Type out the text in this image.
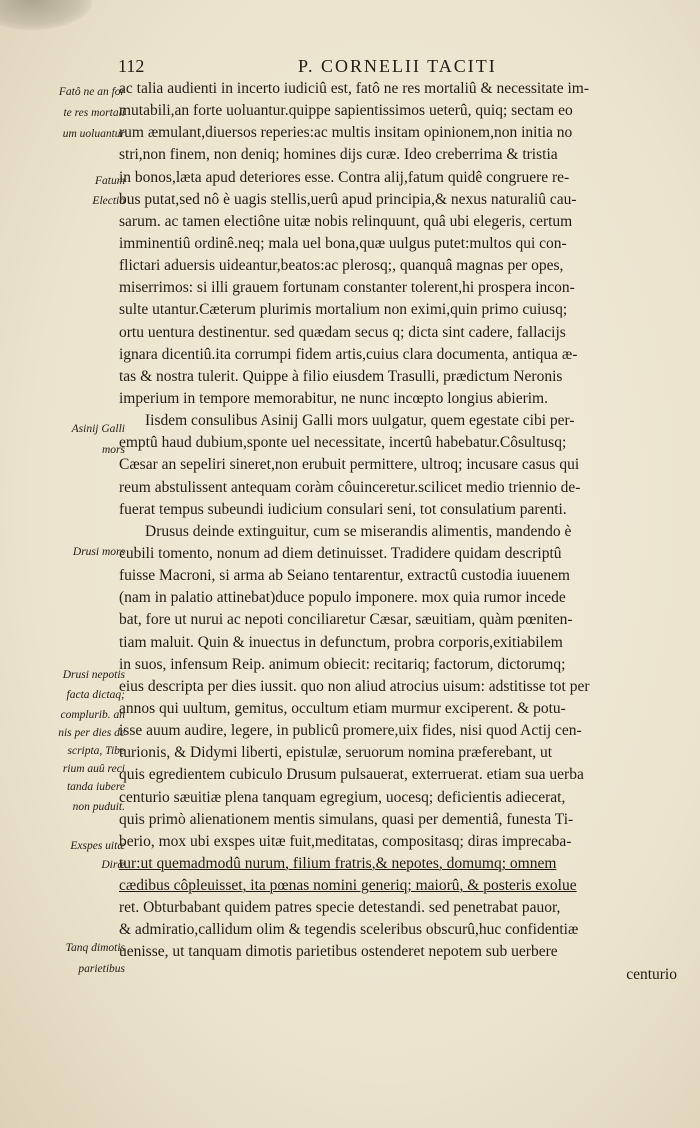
112	P. CORNELII TACITI

Fatô ne an for

te res mortali

um uoluantur

Fatum

Electio

Asinij Galli

mors

Drusi mors

Drusi nepotis

facta dictaq;

complurib. an

nis per dies de

scripta, Tibe

rium auû reci

tanda iubere

non puduit.

Exspes uitæ

Diræ

Tanq dimotis

parietibus

ac talia audienti in incerto iudiciû est, fatô ne res mortaliû & necessitate im-

mutabili,an forte uoluantur.quippe sapientissimos ueterû, quiq; sectam eo

rum æmulant,diuersos reperies:ac multis insitam opinionem,non initia no

stri,non finem, non deniq; homines dijs curæ. Ideo creberrima & tristia

in bonos,læta apud deteriores esse. Contra alij,fatum quidê congruere re-

bus putat,sed nô è uagis stellis,uerû apud principia,& nexus naturaliû cau-

sarum. ac tamen electiône uitæ nobis relinquunt, quâ ubi elegeris, certum

imminentiû ordinê.neq; mala uel bona,quæ uulgus putet:multos qui con-

flictari aduersis uideantur,beatos:ac plerosq;, quanquâ magnas per opes,

miserrimos: si illi grauem fortunam constanter tolerent,hi prospera incon-

sulte utantur.Cæterum plurimis mortalium non eximi,quin primo cuiusq;

ortu uentura destinentur. sed quædam secus q; dicta sint cadere, fallacijs

ignara dicentiû.ita corrumpi fidem artis,cuius clara documenta, antiqua æ-

tas & nostra tulerit. Quippe à filio eiusdem Trasulli, prædictum Neronis

imperium in tempore memorabitur, ne nunc incœpto longius abierim.

Iisdem consulibus Asinij Galli mors uulgatur, quem egestate cibi per-

emptû haud dubium,sponte uel necessitate, incertû habebatur.Côsultusq;

Cæsar an sepeliri sineret,non erubuit permittere, ultroq; incusare casus qui

reum abstulissent antequam coràm côuinceretur.scilicet medio triennio de-

fuerat tempus subeundi iudicium consulari seni, tot consulatium parenti.

Drusus deinde extinguitur, cum se miserandis alimentis, mandendo è

cubili tomento, nonum ad diem detinuisset. Tradidere quidam descriptû

fuisse Macroni, si arma ab Seiano tentarentur, extractû custodia iuuenem

(nam in palatio attinebat)duce populo imponere. mox quia rumor incede

bat, fore ut nurui ac nepoti conciliaretur Cæsar, sæuitiam, quàm pœniten-

tiam maluit. Quin & inuectus in defunctum, probra corporis,exitiabilem

in suos, infensum Reip. animum obiecit: recitariq; factorum, dictorumq;

eius descripta per dies iussit. quo non aliud atrocius uisum: adstitisse tot per

annos qui uultum, gemitus, occultum etiam murmur exciperent. & potu-

isse auum audire, legere, in publicû promere,uix fides, nisi quod Actij cen-

turionis, & Didymi liberti, epistulæ, seruorum nomina præferebant, ut

quis egredientem cubiculo Drusum pulsauerat, exterruerat. etiam sua uerba

centurio sæuitiæ plena tanquam egregium, uocesq; deficientis adiecerat,

quis primò alienationem mentis simulans, quasi per dementiâ, funesta Ti-

berio, mox ubi exspes uitæ fuit,meditatas, compositasq; diras imprecaba-

tur:ut quemadmodû nurum, filium fratris,& nepotes, domumq; omnem

cædibus côpleuisset, ita pœnas nomini generiq; maiorû, & posteris exolue

ret. Obturbabant quidem patres specie detestandi. sed penetrabat pauor,

& admiratio,callidum olim & tegendis sceleribus obscurû,huc confidentiæ

uenisse, ut tanquam dimotis parietibus ostenderet nepotem sub uerbere

centurio
